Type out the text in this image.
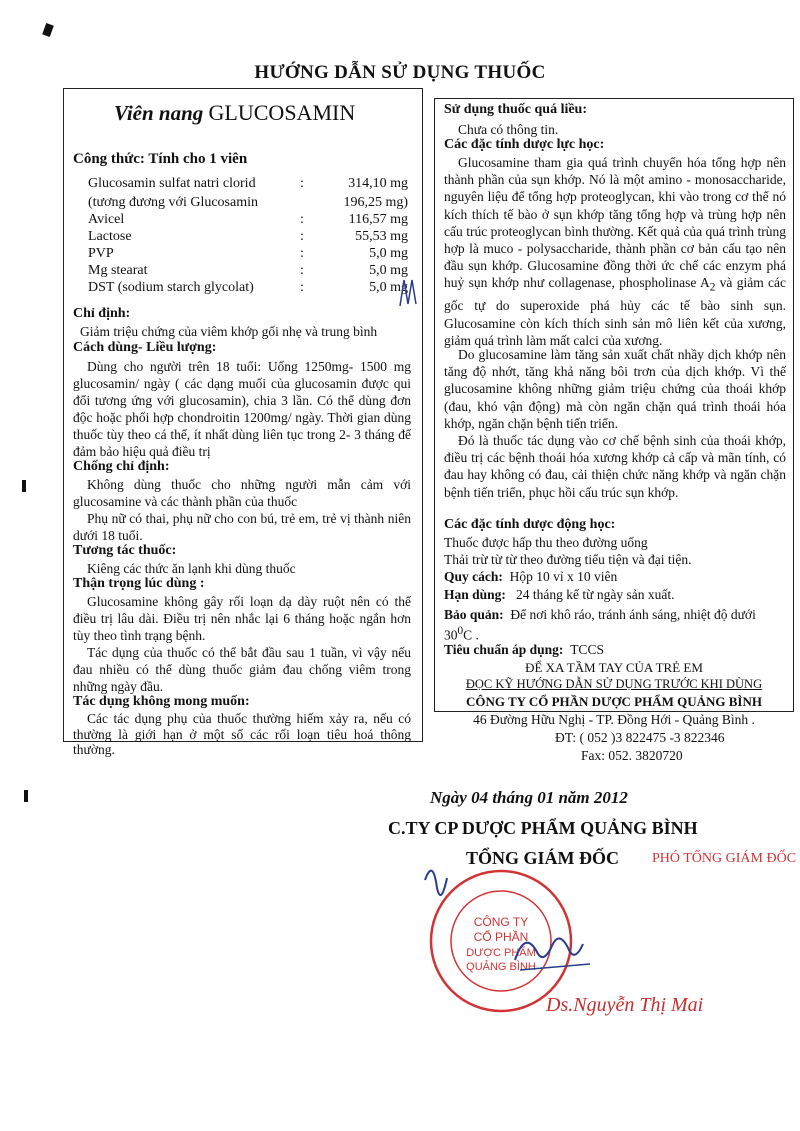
HƯỚNG DẪN SỬ DỤNG THUỐC
Viên nang GLUCOSAMIN
Công thức: Tính cho 1 viên
Glucosamin sulfat natri clorid	:	314,10 mg
(tương đương với Glucosamin	196,25 mg)
Avicel	:	116,57 mg
Lactose	:	55,53 mg
PVP	:	5,0 mg
Mg stearat	:	5,0 mg
DST (sodium starch glycolat)	:	5,0 mg
Chỉ định:
Giảm triệu chứng của viêm khớp gối nhẹ và trung bình
Cách dùng- Liều lượng:
Dùng cho người trên 18 tuổi: Uống 1250mg- 1500 mg glucosamin/ ngày ( các dạng muối của glucosamin được qui đổi tương ứng với glucosamin), chia 3 lần. Có thể dùng đơn độc hoặc phối hợp chondroitin 1200mg/ ngày. Thời gian dùng thuốc tùy theo cá thể, ít nhất dùng liên tục trong 2- 3 tháng để đảm bảo hiệu quả điều trị
Chống chỉ định:
Không dùng thuốc cho những người mẫn cảm với glucosamine và các thành phần của thuốc
Phụ nữ có thai, phụ nữ cho con bú, trẻ em, trẻ vị thành niên dưới 18 tuổi.
Tương tác thuốc:
Kiêng các thức ăn lạnh khi dùng thuốc
Thận trọng lúc dùng :
Glucosamine không gây rối loạn dạ dày ruột nên có thể điều trị lâu dài. Điều trị nên nhắc lại 6 tháng hoặc ngắn hơn tùy theo tình trạng bệnh.
Tác dụng của thuốc có thể bắt đầu sau 1 tuần, vì vậy nếu đau nhiều có thể dùng thuốc giảm đau chống viêm trong những ngày đầu.
Tác dụng không mong muốn:
Các tác dụng phụ của thuốc thường hiếm xảy ra, nếu có thường là giới hạn ở một số các rối loạn tiêu hoá thông thường.
Sử dụng thuốc quá liều:
Chưa có thông tin.
Các đặc tính dược lực học:
Glucosamine tham gia quá trình chuyển hóa tổng hợp nên thành phần của sụn khớp. Nó là một amino - monosaccharide, nguyên liệu để tổng hợp proteoglycan, khi vào trong cơ thể nó kích thích tế bào ở sụn khớp tăng tổng hợp và trùng hợp nên cấu trúc proteoglycan bình thường. Kết quả của quá trình trùng hợp là muco - polysaccharide, thành phần cơ bản cấu tạo nên đầu sụn khớp. Glucosamine đồng thời ức chế các enzym phá huỷ sụn khớp như collagenase, phospholinase $A_2$ và giảm các gốc tự do superoxide phá hủy các tế bào sinh sụn. Glucosamine còn kích thích sinh sản mô liên kết của xương, giảm quá trình làm mất calci của xương.
Do glucosamine làm tăng sản xuất chất nhầy dịch khớp nên tăng độ nhớt, tăng khả năng bôi trơn của dịch khớp. Vì thế glucosamine không những giảm triệu chứng của thoái khớp (đau, khó vận động) mà còn ngăn chặn quá trình thoái hóa khớp, ngăn chặn bệnh tiến triển.
Đó là thuốc tác dụng vào cơ chế bệnh sinh của thoái khớp, điều trị các bệnh thoái hóa xương khớp cả cấp và mãn tính, có đau hay không có đau, cải thiện chức năng khớp và ngăn chặn bệnh tiến triển, phục hồi cấu trúc sụn khớp.
Các đặc tính dược động học:
Thuốc được hấp thu theo đường uống
Thải trừ từ từ theo đường tiểu tiện và đại tiện.
Quy cách: Hộp 10 vỉ x 10 viên
Hạn dùng: 24 tháng kể từ ngày sản xuất.
Bảo quản: Để nơi khô ráo, tránh ánh sáng, nhiệt độ dưới $30^0C$ .
Tiêu chuẩn áp dụng: TCCS
ĐỂ XA TẦM TAY CỦA TRẺ EM
ĐỌC KỸ HƯỚNG DẪN SỬ DỤNG TRƯỚC KHI DÙNG
CÔNG TY CỔ PHẦN DƯỢC PHẨM QUẢNG BÌNH
46 Đường Hữu Nghị - TP. Đồng Hới - Quảng Bình .
ĐT: ( 052 )3 822475 -3 822346
Fax: 052. 3820720
Ngày 04 tháng 01 năm 2012
C.TY CP DƯỢC PHẨM QUẢNG BÌNH
TỔNG GIÁM ĐỐC PHÓ TỔNG GIÁM ĐỐC
CÔNG TY
CỔ PHẦN
DƯỢC PHẨM
QUẢNG BÌNH
Ds.Nguyễn Thị Mai
